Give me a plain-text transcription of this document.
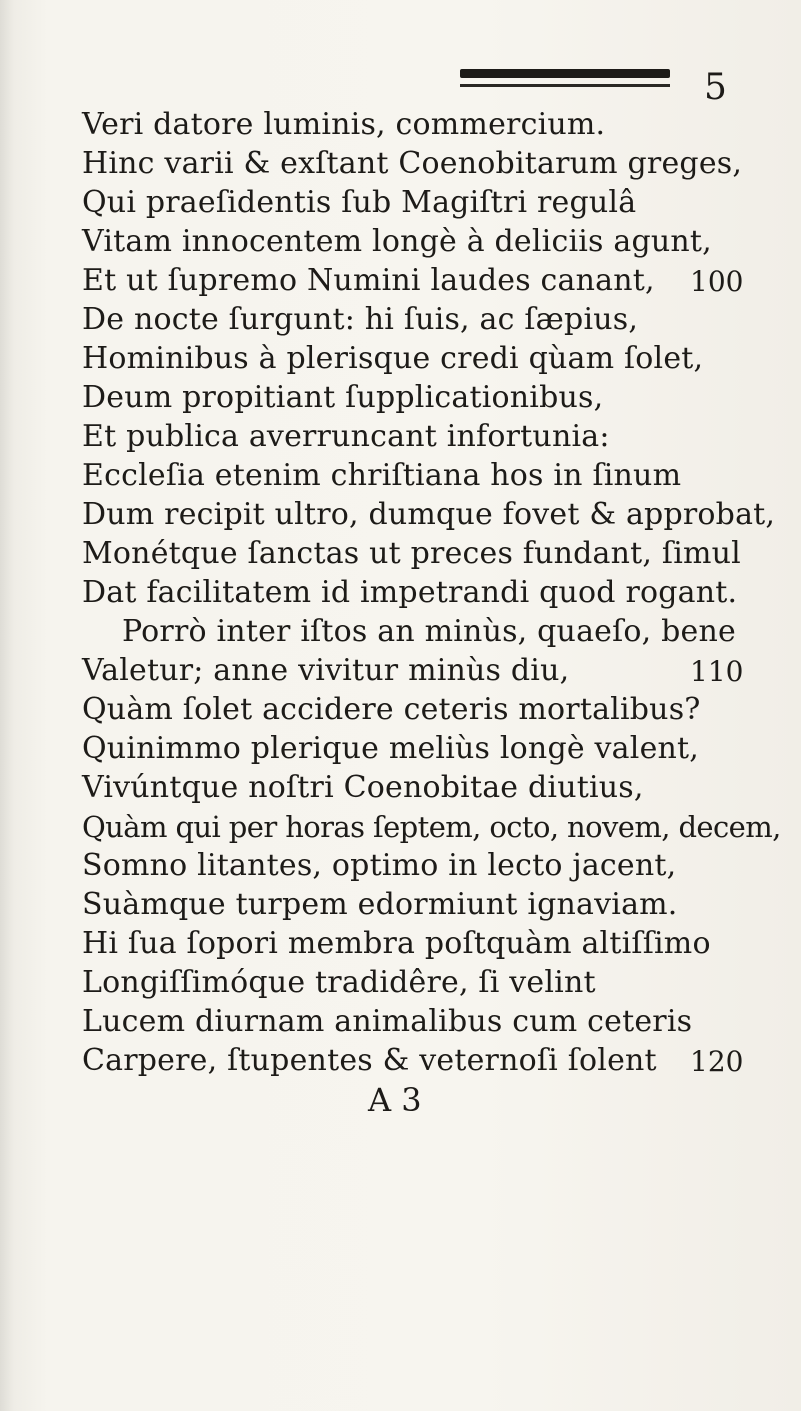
5
Veri datore luminis, commercium.
Hinc varii & exſtant Coenobitarum greges,
Qui praeſidentis ſub Magiſtri regulâ
Vitam innocentem longè à deliciis agunt,
Et ut ſupremo Numini laudes canant, 100
De nocte ſurgunt: hi ſuis, ac ſæpius,
Hominibus à plerisque credi qùam ſolet,
Deum propitiant ſupplicationibus,
Et publica averruncant infortunia:
Eccleſia etenim chriſtiana hos in ſinum
Dum recipit ultro, dumque fovet & approbat,
Monétque ſanctas ut preces fundant, ſimul
Dat facilitatem id impetrandi quod rogant.
Porrò inter iſtos an minùs, quaeſo, bene
Valetur; anne vivitur minùs diu,	110
Quàm ſolet accidere ceteris mortalibus?
Quinimmo plerique meliùs longè valent,
Vivúntque noſtri Coenobitae diutius,
Quàm qui per horas ſeptem, octo, novem, decem,
Somno litantes, optimo in lecto jacent,
Suàmque turpem edormiunt ignaviam.
Hi ſua ſopori membra poſtquàm altiſſimo
Longiſſimóque tradidêre, ſi velint
Lucem diurnam animalibus cum ceteris
Carpere, ſtupentes & veternoſi ſolent 120
A 3
